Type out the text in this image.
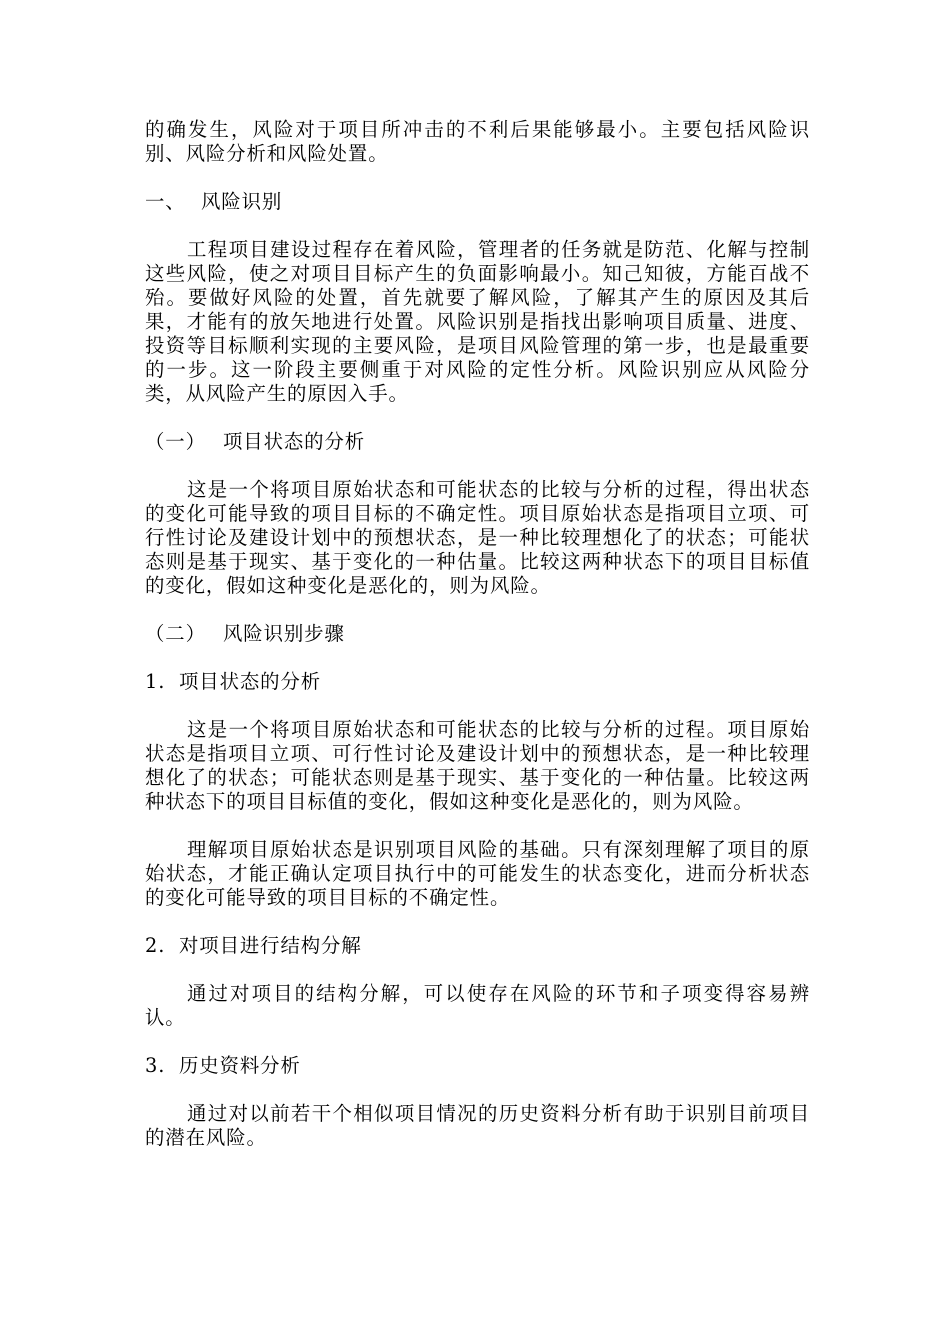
的确发生，风险对于项目所冲击的不利后果能够最小。主要包括风险识别、风险分析和风险处置。

一、 风险识别

工程项目建设过程存在着风险，管理者的任务就是防范、化解与控制这些风险，使之对项目目标产生的负面影响最小。知己知彼，方能百战不殆。要做好风险的处置，首先就要了解风险，了解其产生的原因及其后果，才能有的放矢地进行处置。风险识别是指找出影响项目质量、进度、投资等目标顺利实现的主要风险，是项目风险管理的第一步，也是最重要的一步。这一阶段主要侧重于对风险的定性分析。风险识别应从风险分类，从风险产生的原因入手。

（一） 项目状态的分析

这是一个将项目原始状态和可能状态的比较与分析的过程，得出状态的变化可能导致的项目目标的不确定性。项目原始状态是指项目立项、可行性讨论及建设计划中的预想状态，是一种比较理想化了的状态；可能状态则是基于现实、基于变化的一种估量。比较这两种状态下的项目目标值的变化，假如这种变化是恶化的，则为风险。

（二） 风险识别步骤
1. 项目状态的分析

这是一个将项目原始状态和可能状态的比较与分析的过程。项目原始状态是指项目立项、可行性讨论及建设计划中的预想状态，是一种比较理想化了的状态；可能状态则是基于现实、基于变化的一种估量。比较这两种状态下的项目目标值的变化，假如这种变化是恶化的，则为风险。

理解项目原始状态是识别项目风险的基础。只有深刻理解了项目的原始状态，才能正确认定项目执行中的可能发生的状态变化，进而分析状态的变化可能导致的项目目标的不确定性。

2. 对项目进行结构分解

通过对项目的结构分解，可以使存在风险的环节和子项变得容易辨认。

3. 历史资料分析

通过对以前若干个相似项目情况的历史资料分析有助于识别目前项目的潜在风险。
